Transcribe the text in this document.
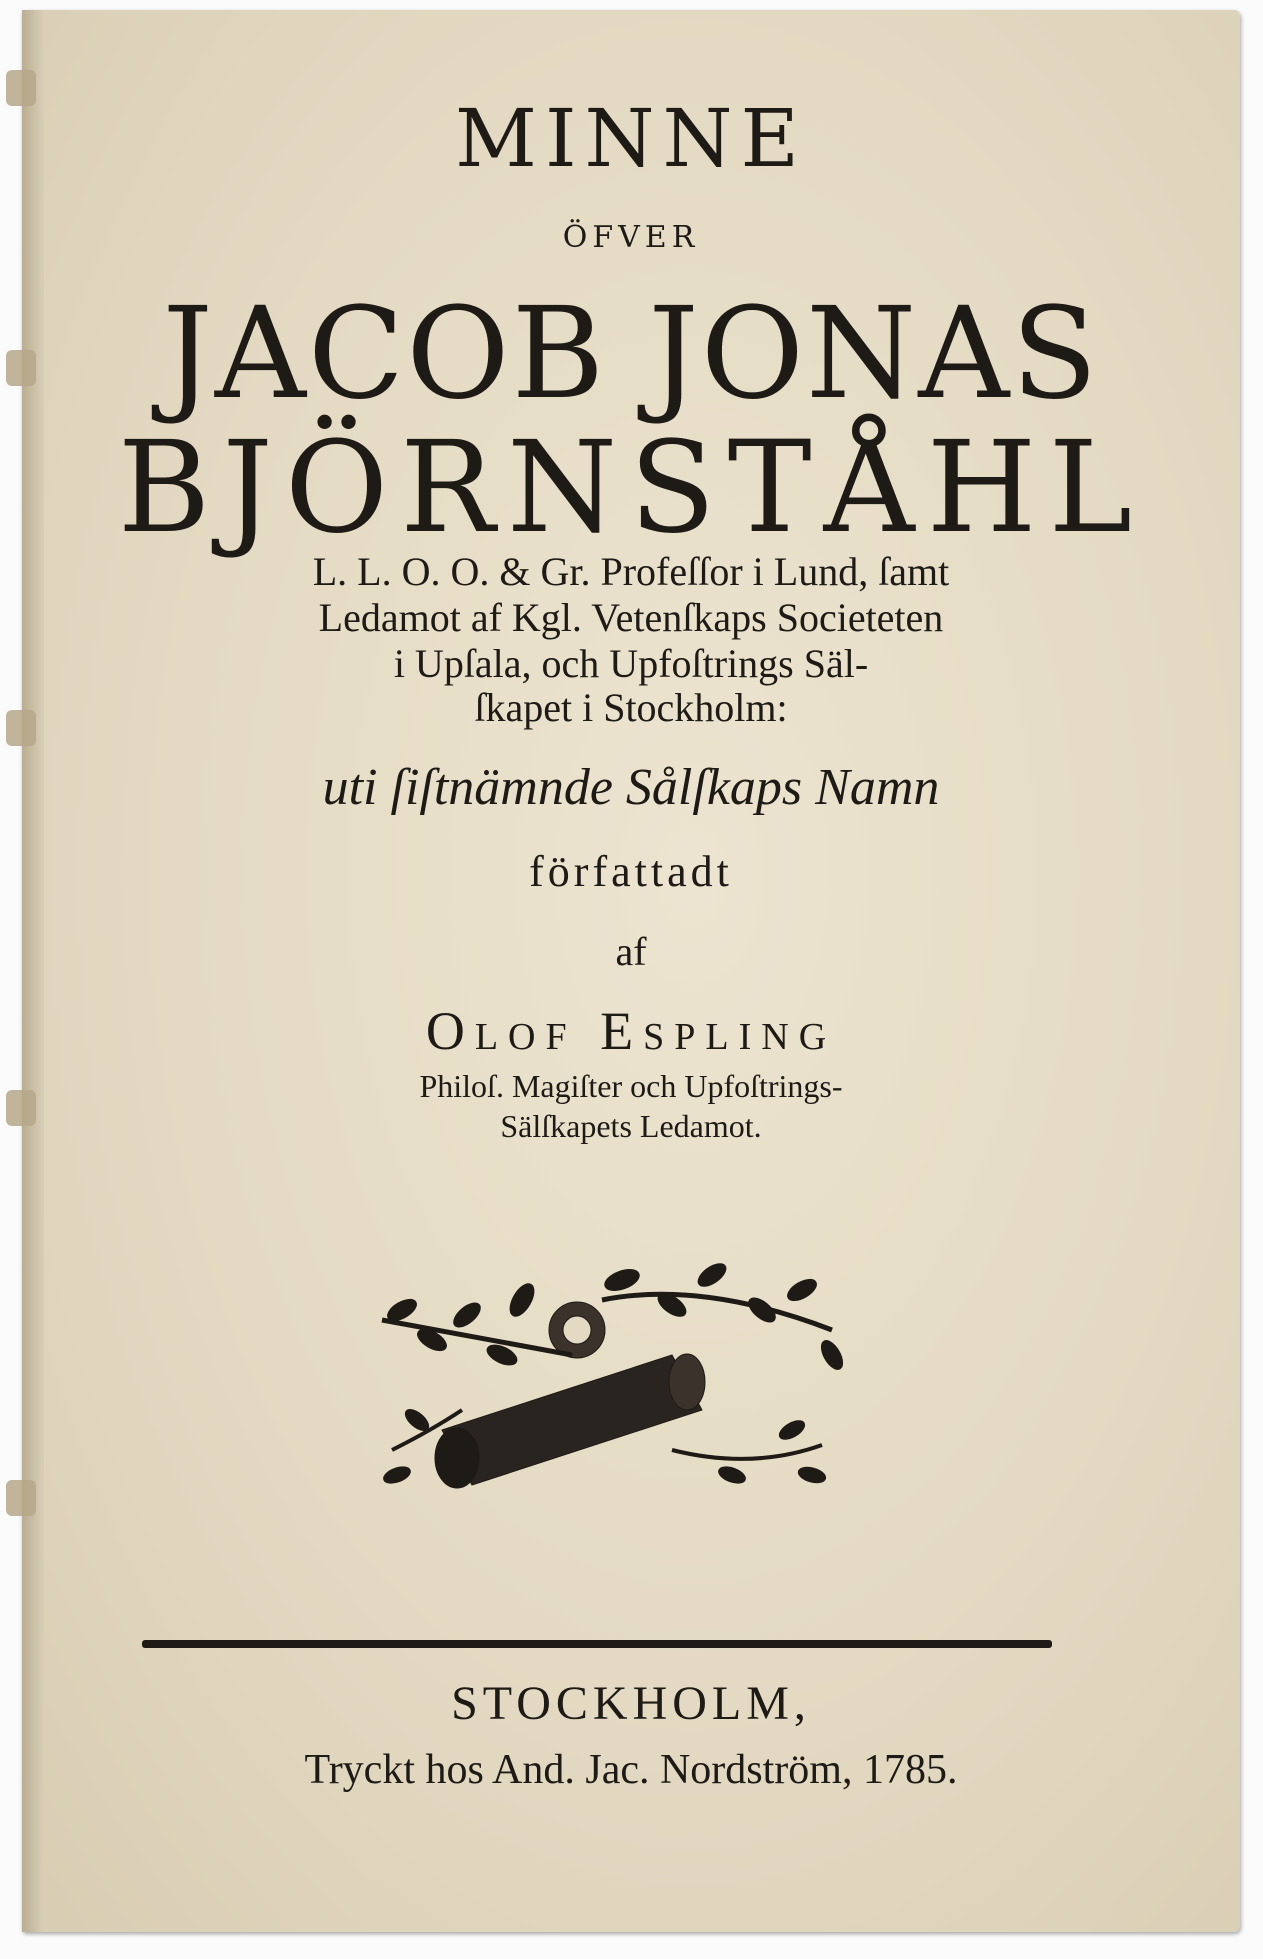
MINNE
ÖFVER
JACOB JONAS
BJÖRNSTÅHL
L. L. O. O. & Gr. Profeſſor i Lund, ſamt
Ledamot af Kgl. Vetenſkaps Societeten
i Upſala, och Upfoſtrings Säl-
ſkapet i Stockholm:
uti ſiſtnämnde Sålſkaps Namn
författadt
af
Olof Espling
Philoſ. Magiſter och Upfoſtrings-
Sälſkapets Ledamot.
STOCKHOLM,
Tryckt hos And. Jac. Nordström, 1785.
